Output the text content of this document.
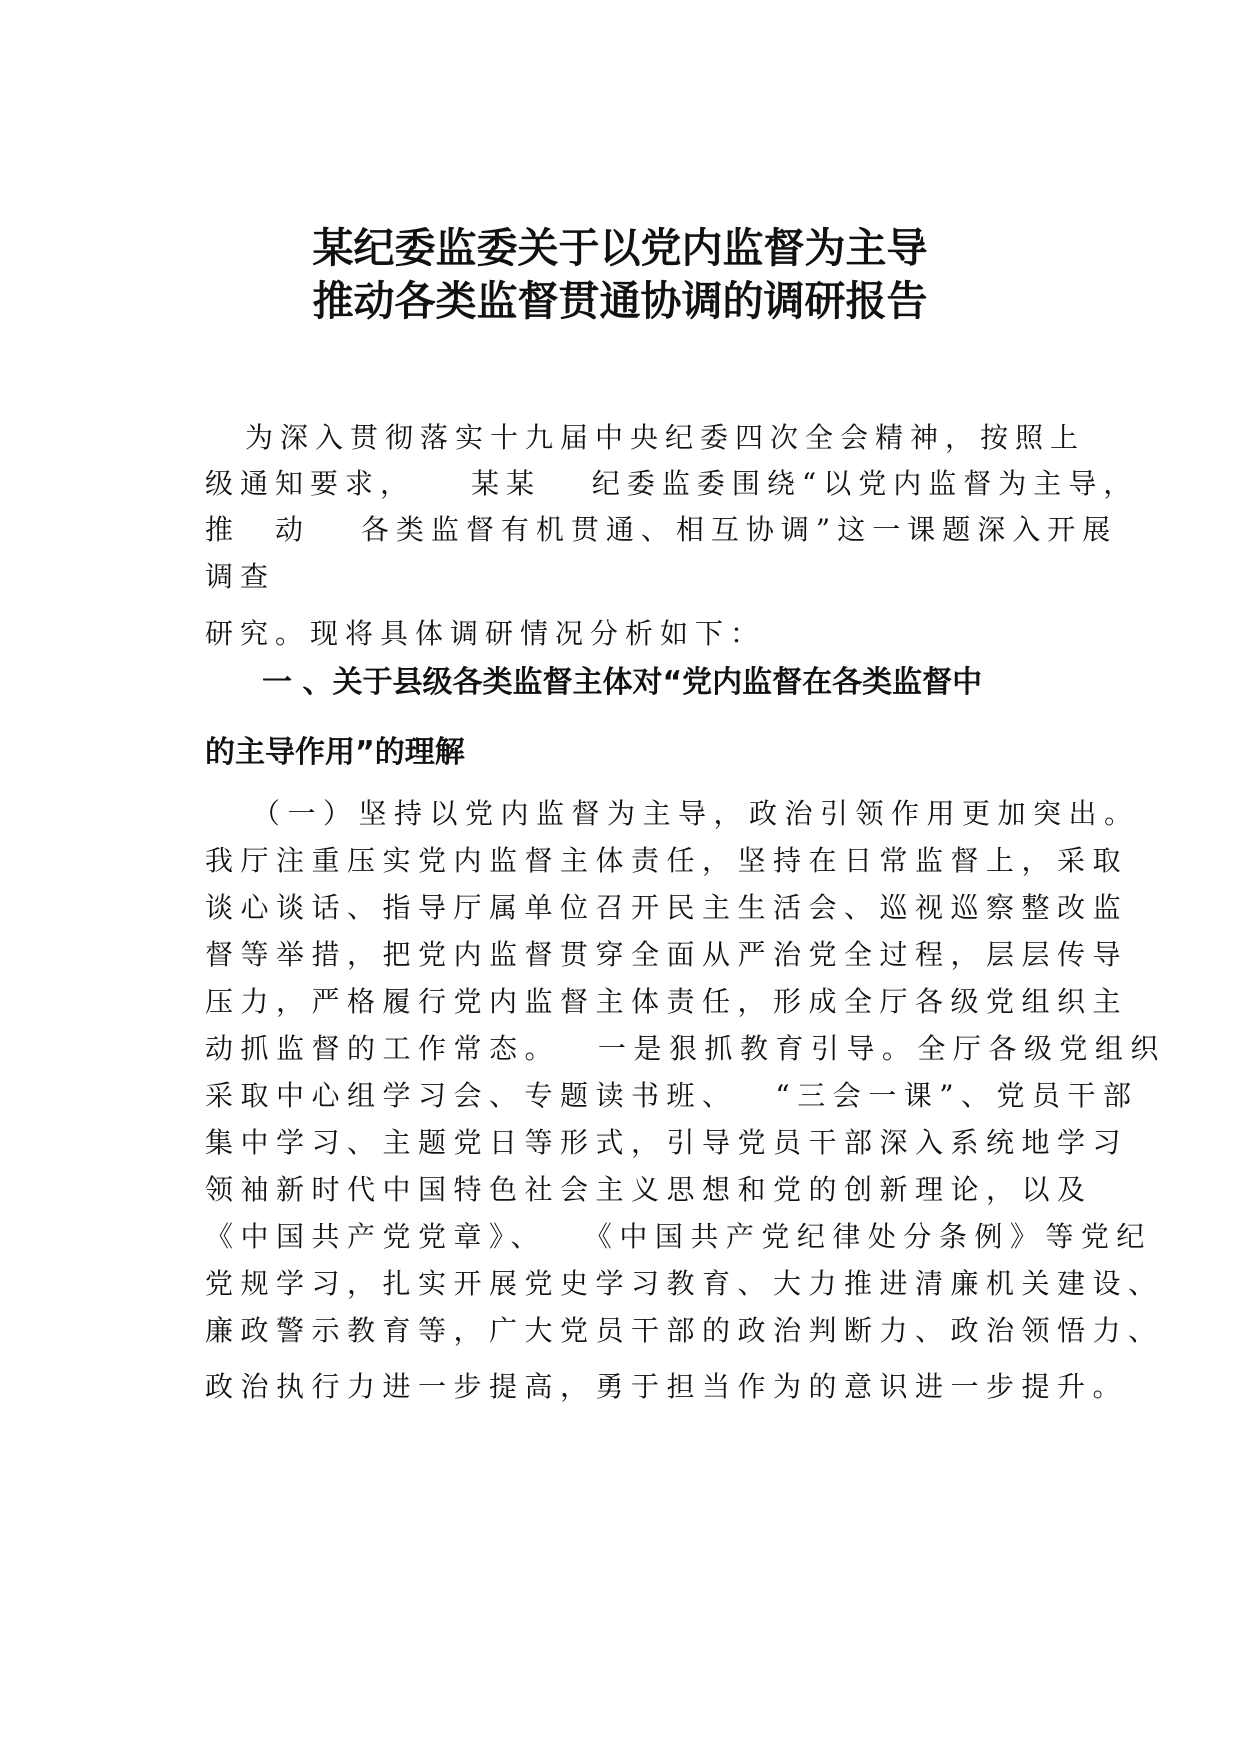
某纪委监委关于以党内监督为主导
推动各类监督贯通协调的调研报告
为深入贯彻落实十九届中央纪委四次全会精神，按照上
级通知要求，　　某某　 纪委监委围绕“以党内监督为主导，
推　动　 各类监督有机贯通、相互协调”这一课题深入开展
调查
研究。现将具体调研情况分析如下：
一 、关于县级各类监督主体对“党内监督在各类监督中
的主导作用”的理解
（一）坚持以党内监督为主导，政治引领作用更加突出。
我厅注重压实党内监督主体责任，坚持在日常监督上，采取
谈心谈话、指导厅属单位召开民主生活会、巡视巡察整改监
督等举措，把党内监督贯穿全面从严治党全过程，层层传导
压力，严格履行党内监督主体责任，形成全厅各级党组织主
动抓监督的工作常态。　 一是狠抓教育引导。全厅各级党组织
采取中心组学习会、专题读书班、　 “三会一课”、党员干部
集中学习、主题党日等形式，引导党员干部深入系统地学习
领袖新时代中国特色社会主义思想和党的创新理论，以及
《中国共产党党章》、　 《中国共产党纪律处分条例》等党纪
党规学习，扎实开展党史学习教育、大力推进清廉机关建设、
廉政警示教育等，广大党员干部的政治判断力、政治领悟力、
政治执行力进一步提高，勇于担当作为的意识进一步提升。
